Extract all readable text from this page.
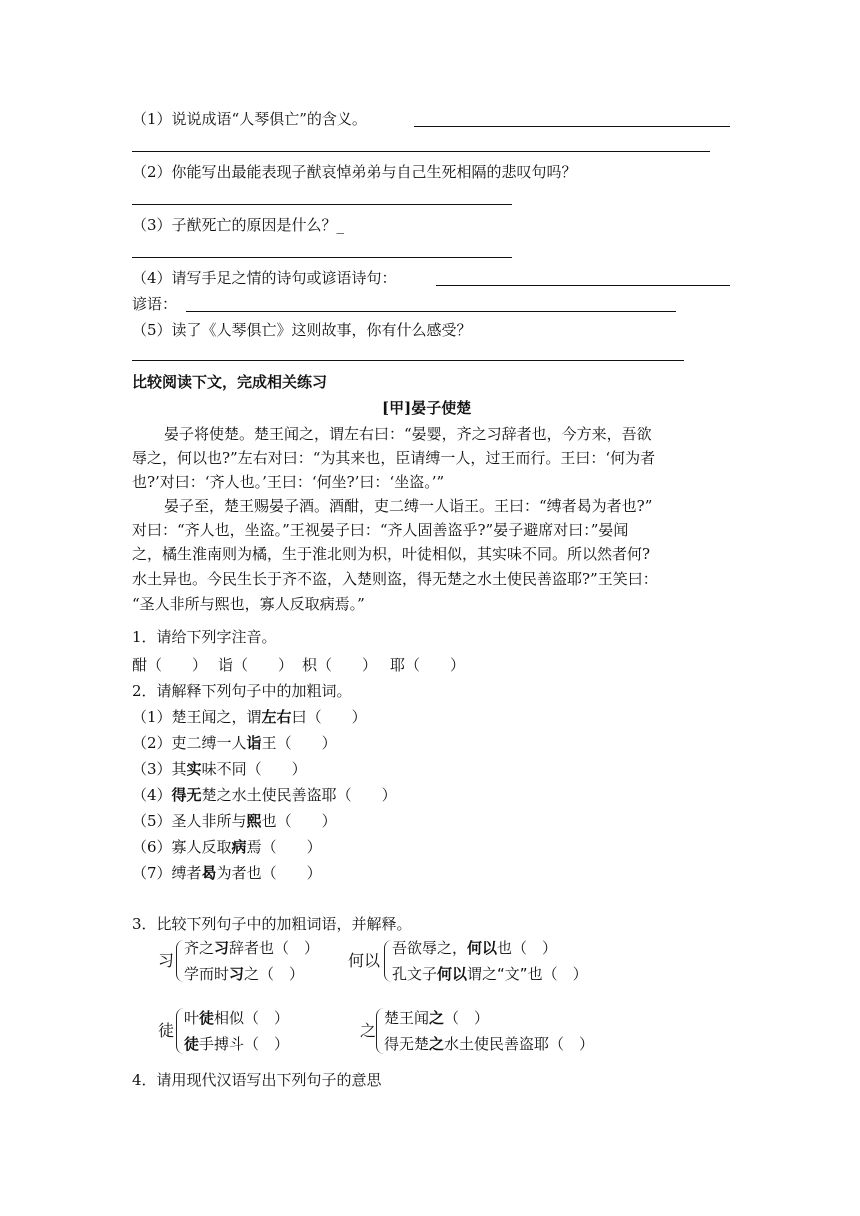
（1）说说成语“人琴俱亡”的含义。
（2）你能写出最能表现子猷哀悼弟弟与自己生死相隔的悲叹句吗？
（3）子猷死亡的原因是什么？_
（4）请写手足之情的诗句或谚语诗句：
谚语：
（5）读了《人琴俱亡》这则故事，你有什么感受？
比较阅读下文，完成相关练习
[甲]晏子使楚
晏子将使楚。楚王闻之，谓左右曰：“晏婴，齐之习辞者也，今方来，吾欲
辱之，何以也?”左右对曰：“为其来也，臣请缚一人，过王而行。王曰：‘何为者
也?’对曰：‘齐人也。’王曰：‘何坐?’曰：‘坐盗。’”
晏子至，楚王赐晏子酒。酒酣，吏二缚一人诣王。王曰：“缚者曷为者也?”
对曰：“齐人也，坐盗。”王视晏子曰：“齐人固善盗乎?”晏子避席对曰：”晏闻
之，橘生淮南则为橘，生于淮北则为枳，叶徒相似，其实味不同。所以然者何?
水土异也。今民生长于齐不盗，入楚则盗，得无楚之水土使民善盗耶?”王笑曰：
“圣人非所与熙也，寡人反取病焉。”
1．请给下列字注音。
酣（　　） 诣（　　） 枳（　　） 耶（　　）
2．请解释下列句子中的加粗词。
（1）楚王闻之，谓左右曰（　　）
（2）吏二缚一人诣王（　　）
（3）其实味不同（　　）
（4）得无楚之水土使民善盗耶（　　）
（5）圣人非所与熙也（　　）
（6）寡人反取病焉（　　）
（7）缚者曷为者也（　　）
3．比较下列句子中的加粗词语，并解释。
习
齐之习辞者也（　）
学而时习之（　）
何以
吾欲辱之，何以也（　）
孔文子何以谓之“文”也（　）
徒
叶徒相似（　）
徒手搏斗（　）
之
楚王闻之（　）
得无楚之水土使民善盗耶（　）
4．请用现代汉语写出下列句子的意思
